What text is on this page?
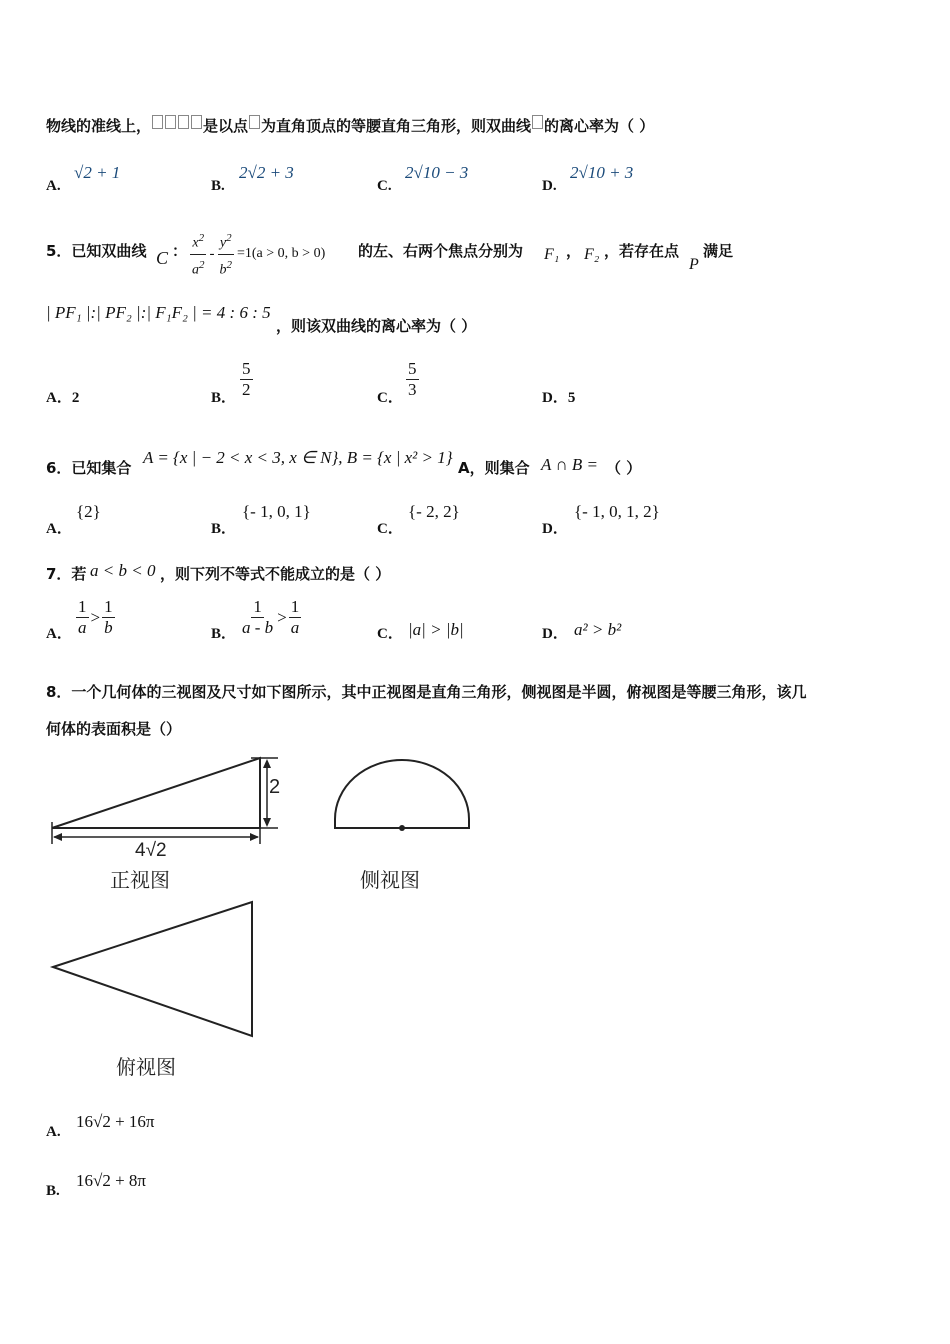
物线的准线上，	是以点 为直角顶点的等腰直角三角形，则双曲线 的离心率为（ ）
A.
√2 + 1
B.
2√2 + 3
C.
2√10 − 3
D.
2√10 + 3
5．已知双曲线 C ： $\frac{x^2}{a^2} - \frac{y^2}{b^2} =1(a > 0$, b > 0) 的左、右两个焦点分别为 F₁ ， F₂ ，若存在点
P
满足
| PF₁ |:| PF₂ |:| F₁F₂ | = 4 : 6 : 5
，则该双曲线的离心率为（ ）
A．2	B． $\frac{5}{2}$	C． $\frac{5}{3}$	D．5
6．已知集合
A = {x | − 2 < x < 3, x ∈ N}, B = {x | x² > 1}
A，则集合 A ∩ B = （ ）
A．
{2}
B．
{- 1, 0, 1}
C．
{- 2, 2}
D．
{- 1, 0, 1, 2}
7．若 a < b < 0 ，则下列不等式不能成立的是（ ）
A． $\frac{1}{a} > \frac{1}{b}$	B． $\frac{1}{a - b} > \frac{1}{a}$	C． |a| > |b|	D． a² > b²
8．一个几何体的三视图及尺寸如下图所示，其中正视图是直角三角形，侧视图是半圆，俯视图是等腰三角形，该几
何体的表面积是（）
2
4√2
正视图	侧视图
俯视图
A.
16√2 + 16π
B.
16√2 + 8π
